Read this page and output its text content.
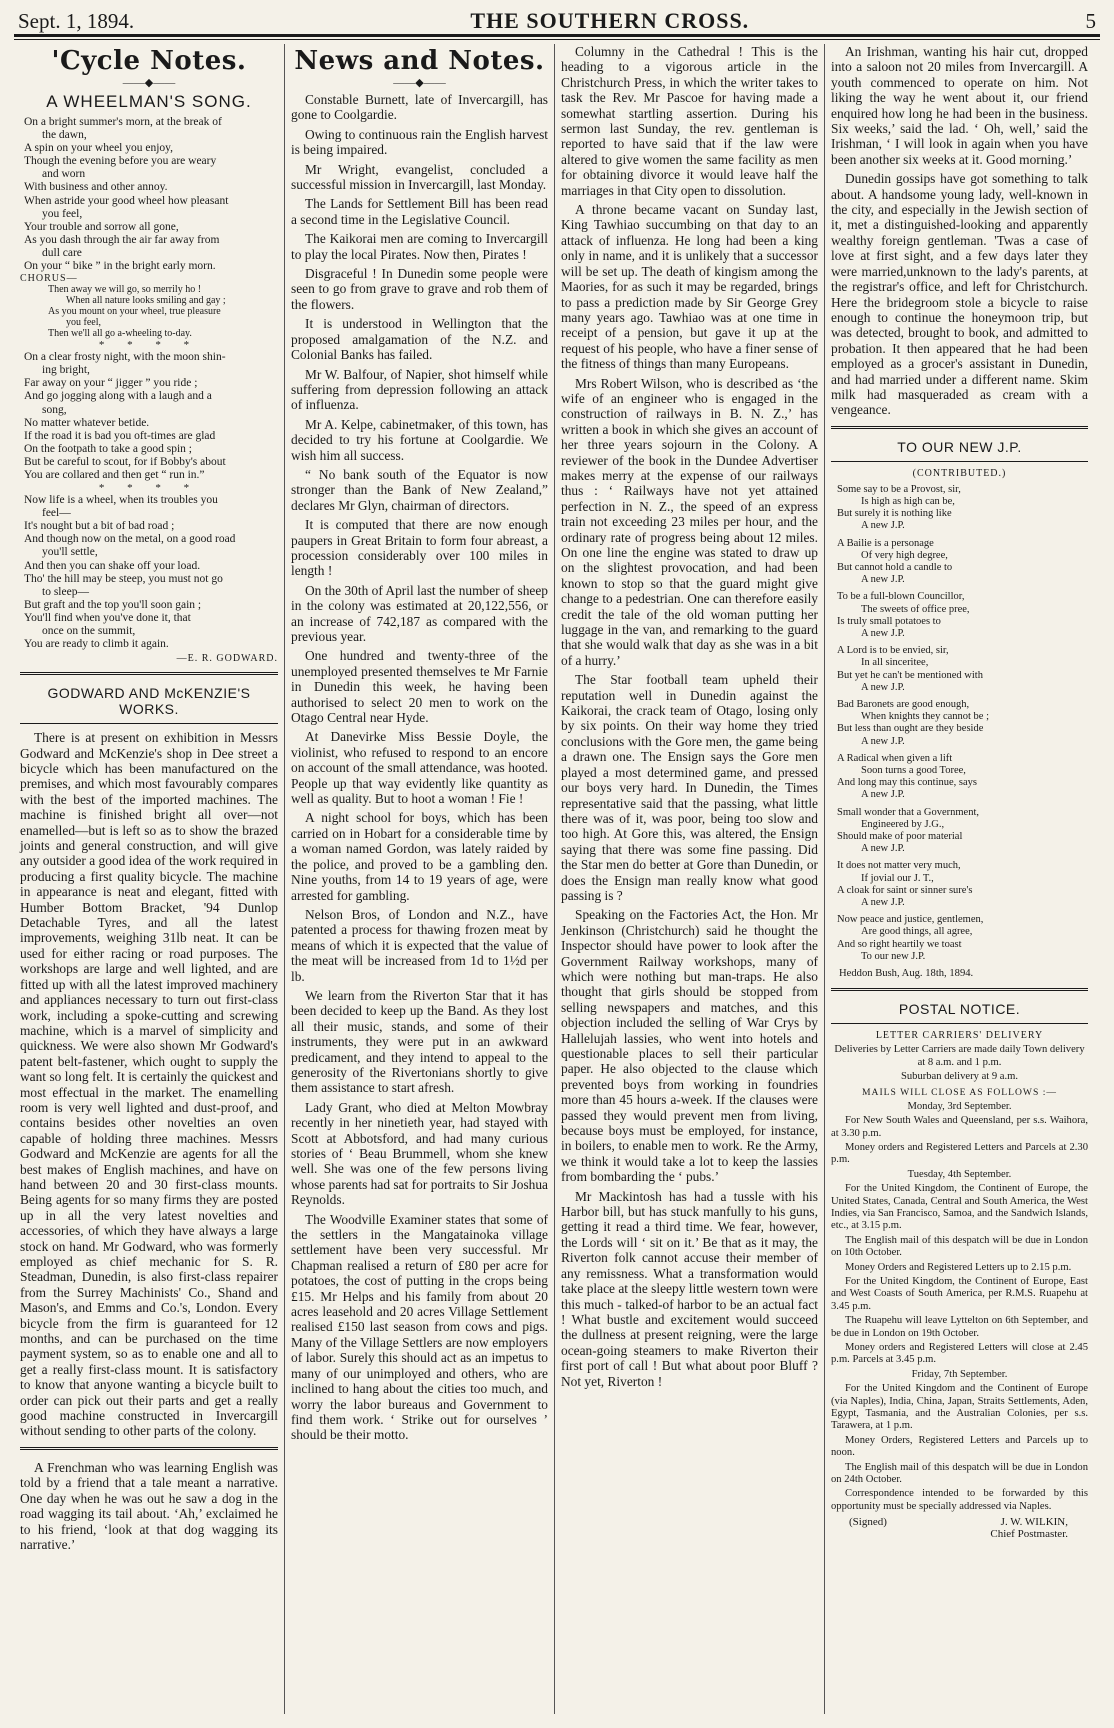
Sept. 1, 1894.	THE SOUTHERN CROSS.	5
'Cycle Notes.
——◆——
A WHEELMAN'S SONG.
On a bright summer's morn, at the break of
the dawn,
A spin on your wheel you enjoy,
Though the evening before you are weary
and worn
With business and other annoy.
When astride your good wheel how pleasant
you feel,
Your trouble and sorrow all gone,
As you dash through the air far away from
dull care
On your “ bike ” in the bright early morn.
CHORUS—
Then away we will go, so merrily ho !
When all nature looks smiling and gay ;
As you mount on your wheel, true pleasure
you feel,
Then we'll all go a-wheeling to-day.
* * * *
On a clear frosty night, with the moon shin-
ing bright,
Far away on your “ jigger ” you ride ;
And go jogging along with a laugh and a
song,
No matter whatever betide.
If the road it is bad you oft-times are glad
On the footpath to take a good spin ;
But be careful to scout, for if Bobby's about
You are collared and then get “ run in.”
* * * *
Now life is a wheel, when its troubles you
feel—
It's nought but a bit of bad road ;
And though now on the metal, on a good road
you'll settle,
And then you can shake off your load.
Tho' the hill may be steep, you must not go
to sleep—
But graft and the top you'll soon gain ;
You'll find when you've done it, that
once on the summit,
You are ready to climb it again.
—E. R. GODWARD.
GODWARD AND McKENZIE'S WORKS.

There is at present on exhibition in Messrs Godward and McKenzie's shop in Dee street a bicycle which has been manufactured on the premises, and which most favourably compares with the best of the imported machines. The machine is finished bright all over—not enamelled—but is left so as to show the brazed joints and general construction, and will give any outsider a good idea of the work required in producing a first quality bicycle. The machine in appearance is neat and elegant, fitted with Humber Bottom Bracket, '94 Dunlop Detachable Tyres, and all the latest improvements, weighing 31lb neat. It can be used for either racing or road purposes. The workshops are large and well lighted, and are fitted up with all the latest improved machinery and appliances necessary to turn out first-class work, including a spoke-cutting and screwing machine, which is a marvel of simplicity and quickness. We were also shown Mr Godward's patent belt-fastener, which ought to supply the want so long felt. It is certainly the quickest and most effectual in the market. The enamelling room is very well lighted and dust-proof, and contains besides other novelties an oven capable of holding three machines. Messrs Godward and McKenzie are agents for all the best makes of English machines, and have on hand between 20 and 30 first-class mounts. Being agents for so many firms they are posted up in all the very latest novelties and accessories, of which they have always a large stock on hand. Mr Godward, who was formerly employed as chief mechanic for S. R. Steadman, Dunedin, is also first-class repairer from the Surrey Machinists' Co., Shand and Mason's, and Emms and Co.'s, London. Every bicycle from the firm is guaranteed for 12 months, and can be purchased on the time payment system, so as to enable one and all to get a really first-class mount. It is satisfactory to know that anyone wanting a bicycle built to order can pick out their parts and get a really good machine constructed in Invercargill without sending to other parts of the colony.

A Frenchman who was learning English was told by a friend that a tale meant a narrative. One day when he was out he saw a dog in the road wagging its tail about. ‘Ah,’ exclaimed he to his friend, ‘look at that dog wagging its narrative.’

News and Notes.
——◆——

Constable Burnett, late of Invercargill, has gone to Coolgardie.

Owing to continuous rain the English harvest is being impaired.

Mr Wright, evangelist, concluded a successful mission in Invercargill, last Monday.

The Lands for Settlement Bill has been read a second time in the Legislative Council.

The Kaikorai men are coming to Invercargill to play the local Pirates. Now then, Pirates !

Disgraceful ! In Dunedin some people were seen to go from grave to grave and rob them of the flowers.

It is understood in Wellington that the proposed amalgamation of the N.Z. and Colonial Banks has failed.

Mr W. Balfour, of Napier, shot himself while suffering from depression following an attack of influenza.

Mr A. Kelpe, cabinetmaker, of this town, has decided to try his fortune at Coolgardie. We wish him all success.

“ No bank south of the Equator is now stronger than the Bank of New Zealand,” declares Mr Glyn, chairman of directors.

It is computed that there are now enough paupers in Great Britain to form four abreast, a procession considerably over 100 miles in length !

On the 30th of April last the number of sheep in the colony was estimated at 20,122,556, or an increase of 742,187 as compared with the previous year.

One hundred and twenty-three of the unemployed presented themselves te Mr Farnie in Dunedin this week, he having been authorised to select 20 men to work on the Otago Central near Hyde.

At Danevirke Miss Bessie Doyle, the violinist, who refused to respond to an encore on account of the small attendance, was hooted. People up that way evidently like quantity as well as quality. But to hoot a woman ! Fie !

A night school for boys, which has been carried on in Hobart for a considerable time by a woman named Gordon, was lately raided by the police, and proved to be a gambling den. Nine youths, from 14 to 19 years of age, were arrested for gambling.

Nelson Bros, of London and N.Z., have patented a process for thawing frozen meat by means of which it is expected that the value of the meat will be increased from 1d to 1½d per lb.

We learn from the Riverton Star that it has been decided to keep up the Band. As they lost all their music, stands, and some of their instruments, they were put in an awkward predicament, and they intend to appeal to the generosity of the Rivertonians shortly to give them assistance to start afresh.

Lady Grant, who died at Melton Mowbray recently in her ninetieth year, had stayed with Scott at Abbotsford, and had many curious stories of ‘ Beau Brummell, whom she knew well. She was one of the few persons living whose parents had sat for portraits to Sir Joshua Reynolds.

The Woodville Examiner states that some of the settlers in the Mangatainoka village settlement have been very successful. Mr Chapman realised a return of £80 per acre for potatoes, the cost of putting in the crops being £15. Mr Helps and his family from about 20 acres leasehold and 20 acres Village Settlement realised £150 last season from cows and pigs. Many of the Village Settlers are now employers of labor. Surely this should act as an impetus to many of our unimployed and others, who are inclined to hang about the cities too much, and worry the labor bureaus and Government to find them work. ‘ Strike out for ourselves ’ should be their motto.

Columny in the Cathedral ! This is the heading to a vigorous article in the Christchurch Press, in which the writer takes to task the Rev. Mr Pascoe for having made a somewhat startling assertion. During his sermon last Sunday, the rev. gentleman is reported to have said that if the law were altered to give women the same facility as men for obtaining divorce it would leave half the marriages in that City open to dissolution.

A throne became vacant on Sunday last, King Tawhiao succumbing on that day to an attack of influenza. He long had been a king only in name, and it is unlikely that a successor will be set up. The death of kingism among the Maories, for as such it may be regarded, brings to pass a prediction made by Sir George Grey many years ago. Tawhiao was at one time in receipt of a pension, but gave it up at the request of his people, who have a finer sense of the fitness of things than many Europeans.

Mrs Robert Wilson, who is described as ‘the wife of an engineer who is engaged in the construction of railways in B. N. Z.,’ has written a book in which she gives an account of her three years sojourn in the Colony. A reviewer of the book in the Dundee Advertiser makes merry at the expense of our railways thus : ‘ Railways have not yet attained perfection in N. Z., the speed of an express train not exceeding 23 miles per hour, and the ordinary rate of progress being about 12 miles. On one line the engine was stated to draw up on the slightest provocation, and had been known to stop so that the guard might give change to a pedestrian. One can therefore easily credit the tale of the old woman putting her luggage in the van, and remarking to the guard that she would walk that day as she was in a bit of a hurry.’

The Star football team upheld their reputation well in Dunedin against the Kaikorai, the crack team of Otago, losing only by six points. On their way home they tried conclusions with the Gore men, the game being a drawn one. The Ensign says the Gore men played a most determined game, and pressed our boys very hard. In Dunedin, the Times representative said that the passing, what little there was of it, was poor, being too slow and too high. At Gore this, was altered, the Ensign saying that there was some fine passing. Did the Star men do better at Gore than Dunedin, or does the Ensign man really know what good passing is ?

Speaking on the Factories Act, the Hon. Mr Jenkinson (Christchurch) said he thought the Inspector should have power to look after the Government Railway workshops, many of which were nothing but man-traps. He also thought that girls should be stopped from selling newspapers and matches, and this objection included the selling of War Crys by Hallelujah lassies, who went into hotels and questionable places to sell their particular paper. He also objected to the clause which prevented boys from working in foundries more than 45 hours a-week. If the clauses were passed they would prevent men from living, because boys must be employed, for instance, in boilers, to enable men to work. Re the Army, we think it would take a lot to keep the lassies from bombarding the ‘ pubs.’

Mr Mackintosh has had a tussle with his Harbor bill, but has stuck manfully to his guns, getting it read a third time. We fear, however, the Lords will ‘ sit on it.’ Be that as it may, the Riverton folk cannot accuse their member of any remissness. What a transformation would take place at the sleepy little western town were this much - talked-of harbor to be an actual fact ! What bustle and excitement would succeed the dullness at present reigning, were the large ocean-going steamers to make Riverton their first port of call ! But what about poor Bluff ? Not yet, Riverton !

An Irishman, wanting his hair cut, dropped into a saloon not 20 miles from Invercargill. A youth commenced to operate on him. Not liking the way he went about it, our friend enquired how long he had been in the business. Six weeks,’ said the lad. ‘ Oh, well,’ said the Irishman, ‘ I will look in again when you have been another six weeks at it. Good morning.’

Dunedin gossips have got something to talk about. A handsome young lady, well-known in the city, and especially in the Jewish section of it, met a distinguished-looking and apparently wealthy foreign gentleman. 'Twas a case of love at first sight, and a few days later they were married,unknown to the lady's parents, at the registrar's office, and left for Christchurch. Here the bridegroom stole a bicycle to raise enough to continue the honeymoon trip, but was detected, brought to book, and admitted to probation. It then appeared that he had been employed as a grocer's assistant in Dunedin, and had married under a different name. Skim milk had masqueraded as cream with a vengeance.

TO OUR NEW J.P.
(CONTRIBUTED.)
Some say to be a Provost, sir,
Is high as high can be,
But surely it is nothing like
A new J.P.
A Bailie is a personage
Of very high degree,
But cannot hold a candle to
A new J.P.
To be a full-blown Councillor,
The sweets of office pree,
Is truly small potatoes to
A new J.P.
A Lord is to be envied, sir,
In all sinceritee,
But yet he can't be mentioned with
A new J.P.
Bad Baronets are good enough,
When knights they cannot be ;
But less than ought are they beside
A new J.P.
A Radical when given a lift
Soon turns a good Toree,
And long may this continue, says
A new J.P.
Small wonder that a Government,
Engineered by J.G.,
Should make of poor material
A new J.P.
It does not matter very much,
If jovial our J. T.,
A cloak for saint or sinner sure's
A new J.P.
Now peace and justice, gentlemen,
Are good things, all agree,
And so right heartily we toast
To our new J.P.
Heddon Bush, Aug. 18th, 1894.
POSTAL NOTICE.
LETTER CARRIERS' DELIVERY
Deliveries by Letter Carriers are made daily Town delivery at 8 a.m. and 1 p.m.
Suburban delivery at 9 a.m.
MAILS WILL CLOSE AS FOLLOWS :—
Monday, 3rd September.
For New South Wales and Queensland, per s.s. Waihora, at 3.30 p.m.
Money orders and Registered Letters and Parcels at 2.30 p.m.
Tuesday, 4th September.
For the United Kingdom, the Continent of Europe, the United States, Canada, Central and South America, the West Indies, via San Francisco, Samoa, and the Sandwich Islands, etc., at 3.15 p.m.
The English mail of this despatch will be due in London on 10th October.
Money Orders and Registered Letters up to 2.15 p.m.
For the United Kingdom, the Continent of Europe, East and West Coasts of South America, per R.M.S. Ruapehu at 3.45 p.m.
The Ruapehu will leave Lyttelton on 6th September, and be due in London on 19th October.
Money orders and Registered Letters will close at 2.45 p.m. Parcels at 3.45 p.m.
Friday, 7th September.
For the United Kingdom and the Continent of Europe (via Naples), India, China, Japan, Straits Settlements, Aden, Egypt, Tasmania, and the Australian Colonies, per s.s. Tarawera, at 1 p.m.
Money Orders, Registered Letters and Parcels up to noon.
The English mail of this despatch will be due in London on 24th October.
Correspondence intended to be forwarded by this opportunity must be specially addressed via Naples.
(Signed)	J. W. WILKIN,
Chief Postmaster.
